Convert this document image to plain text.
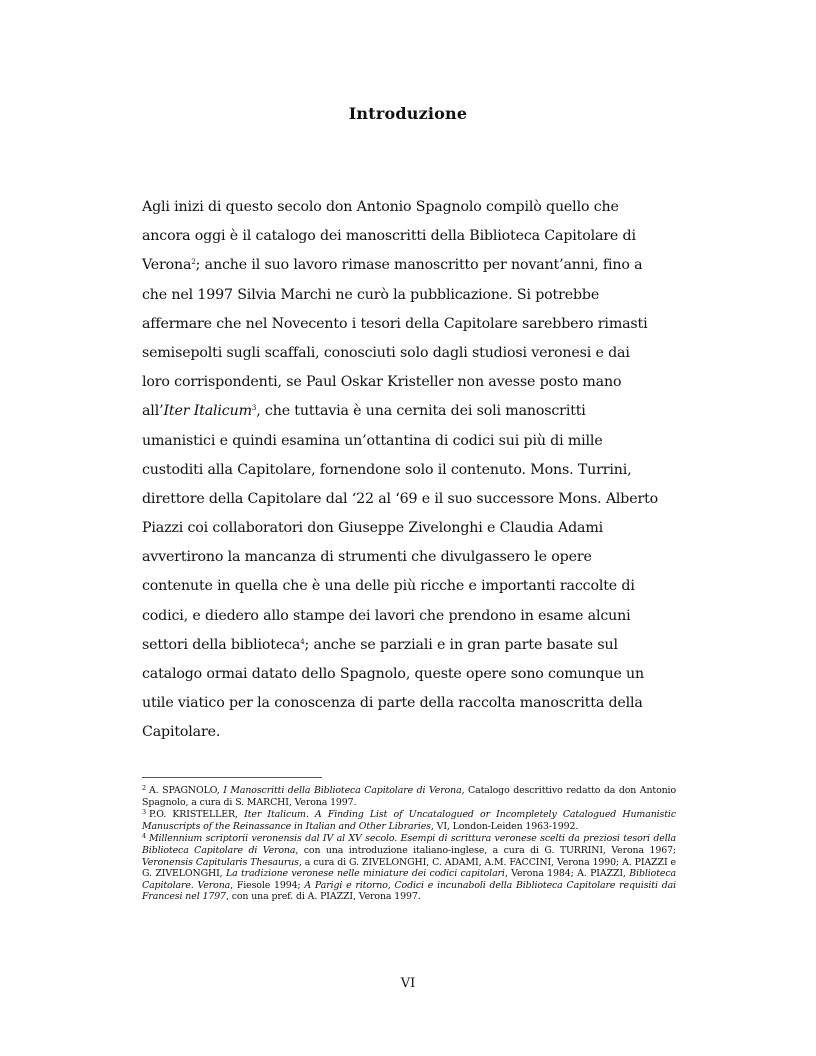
Introduzione
Agli inizi di questo secolo don Antonio Spagnolo compilò quello che
ancora oggi è il catalogo dei manoscritti della Biblioteca Capitolare di
Verona$^2$; anche il suo lavoro rimase manoscritto per novant’anni, fino a
che nel 1997 Silvia Marchi ne curò la pubblicazione. Si potrebbe
affermare che nel Novecento i tesori della Capitolare sarebbero rimasti
semisepolti sugli scaffali, conosciuti solo dagli studiosi veronesi e dai
loro corrispondenti, se Paul Oskar Kristeller non avesse posto mano
all’Iter Italicum$^3$, che tuttavia è una cernita dei soli manoscritti
umanistici e quindi esamina un’ottantina di codici sui più di mille
custoditi alla Capitolare, fornendone solo il contenuto. Mons. Turrini,
direttore della Capitolare dal ‘22 al ‘69 e il suo successore Mons. Alberto
Piazzi coi collaboratori don Giuseppe Zivelonghi e Claudia Adami
avvertirono la mancanza di strumenti che divulgassero le opere
contenute in quella che è una delle più ricche e importanti raccolte di
codici, e diedero allo stampe dei lavori che prendono in esame alcuni
settori della biblioteca$^4$; anche se parziali e in gran parte basate sul
catalogo ormai datato dello Spagnolo, queste opere sono comunque un
utile viatico per la conoscenza di parte della raccolta manoscritta della
Capitolare.

$^2$ A. SPAGNOLO, I Manoscritti della Biblioteca Capitolare di Verona, Catalogo descrittivo redatto da don Antonio Spagnolo, a cura di S. MARCHI, Verona 1997.

$^3$ P.O. KRISTELLER, Iter Italicum. A Finding List of Uncatalogued or Incompletely Catalogued Humanistic Manuscripts of the Reinassance in Italian and Other Libraries, VI, London-Leiden 1963-1992.

$^4$ Millennium scriptorii veronensis dal IV al XV secolo. Esempi di scrittura veronese scelti da preziosi tesori della Biblioteca Capitolare di Verona, con una introduzione italiano-inglese, a cura di G. TURRINI, Verona 1967; Veronensis Capitularis Thesaurus, a cura di G. ZIVELONGHI, C. ADAMI, A.M. FACCINI, Verona 1990; A. PIAZZI e G. ZIVELONGHI, La tradizione veronese nelle miniature dei codici capitolari, Verona 1984; A. PIAZZI, Biblioteca Capitolare. Verona, Fiesole 1994; A Parigi e ritorno, Codici e incunaboli della Biblioteca Capitolare requisiti dai Francesi nel 1797, con una pref. di A. PIAZZI, Verona 1997.

VI
